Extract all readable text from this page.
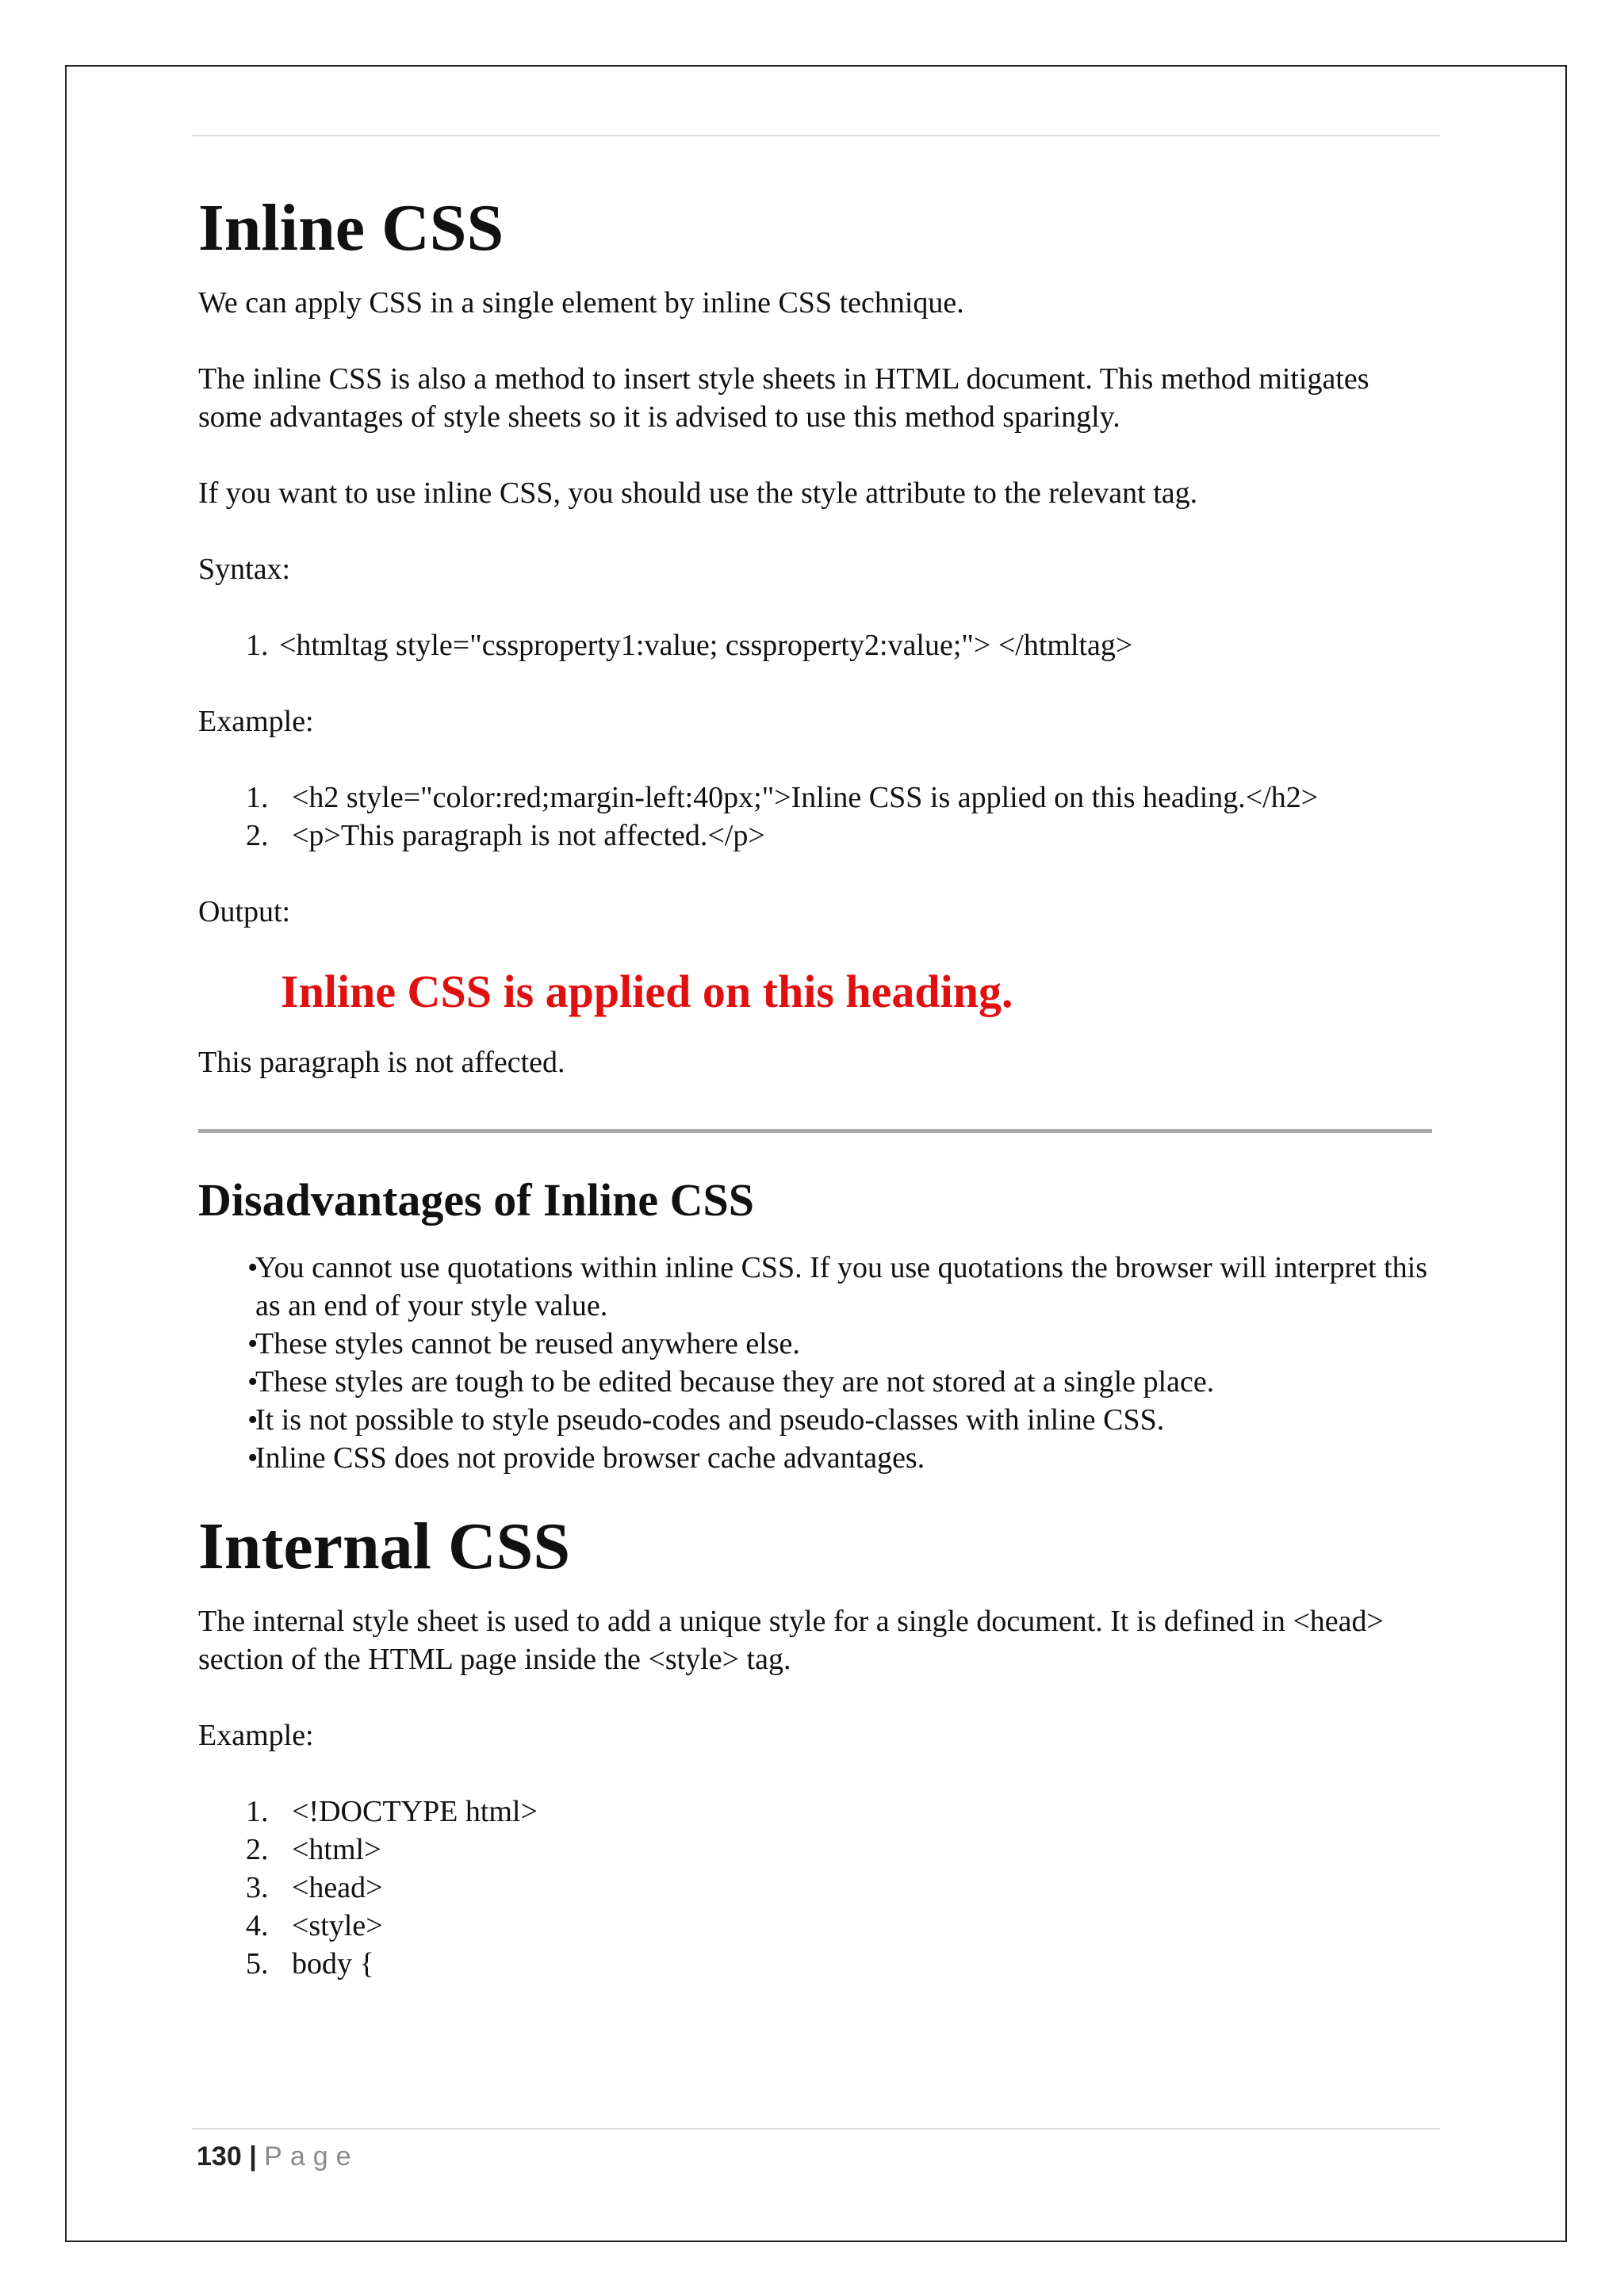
Inline CSS

We can apply CSS in a single element by inline CSS technique.

The inline CSS is also a method to insert style sheets in HTML document. This method mitigates some advantages of style sheets so it is advised to use this method sparingly.

If you want to use inline CSS, you should use the style attribute to the relevant tag.

Syntax:

1. <htmltag style="cssproperty1:value; cssproperty2:value;"> </htmltag>

Example:

1. <h2 style="color:red;margin-left:40px;">Inline CSS is applied on this heading.</h2>
2. <p>This paragraph is not affected.</p>

Output:

Inline CSS is applied on this heading.

This paragraph is not affected.

Disadvantages of Inline CSS
•
You cannot use quotations within inline CSS. If you use quotations the browser will interpret this as an end of your style value.
•
These styles cannot be reused anywhere else.
•
These styles are tough to be edited because they are not stored at a single place.
•
It is not possible to style pseudo-codes and pseudo-classes with inline CSS.
•
Inline CSS does not provide browser cache advantages.
Internal CSS

The internal style sheet is used to add a unique style for a single document. It is defined in <head> section of the HTML page inside the <style> tag.

Example:

1. <!DOCTYPE html>
2. <html>
3. <head>
4. <style>
5. body {
130 | Page
